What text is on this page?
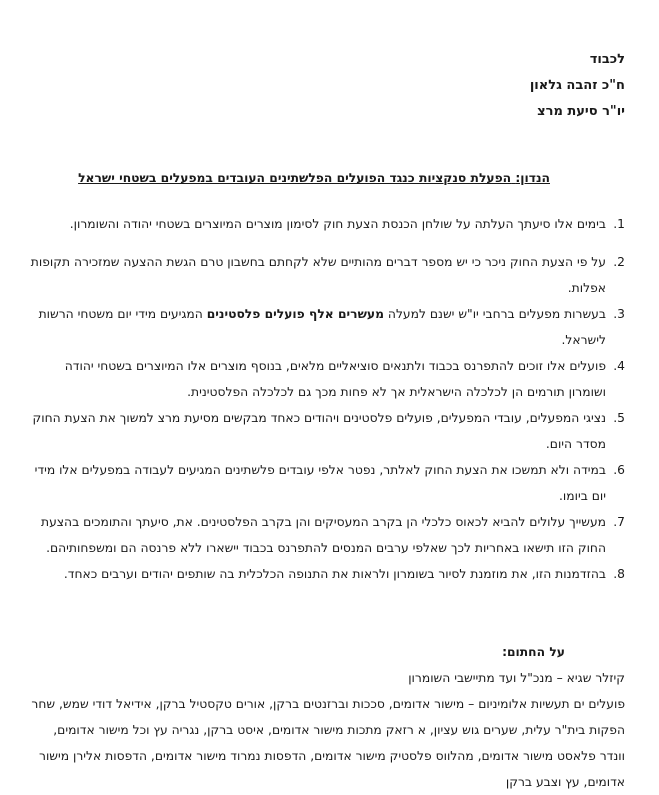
לכבוד
ח"כ זהבה גלאון
יו"ר סיעת מרצ
הנדון: הפעלת סנקציות כנגד הפועלים הפלשתינים העובדים במפעלים בשטחי ישראל
1.
בימים אלו סיעתך העלתה על שולחן הכנסת הצעת חוק לסימון מוצרים המיוצרים בשטחי יהודה והשומרון.
2.
על פי הצעת החוק ניכר כי יש מספר דברים מהותיים שלא לקחתם בחשבון טרם הגשת ההצעה שמזכירה תקופות אפלות.
3.
בעשרות מפעלים ברחבי יו"ש ישנם למעלה מעשרים אלף פועלים פלסטינים המגיעים מידי יום משטחי הרשות לישראל.
4.
פועלים אלו זוכים להתפרנס בכבוד ולתנאים סוציאליים מלאים, בנוסף מוצרים אלו המיוצרים בשטחי יהודה ושומרון תורמים הן לכלכלה הישראלית אך לא פחות מכך גם לכלכלה הפלסטינית.
5.
נציגי המפעלים, עובדי המפעלים, פועלים פלסטינים ויהודים כאחד מבקשים מסיעת מרצ למשוך את הצעת החוק מסדר היום.
6.
במידה ולא תמשכו את הצעת החוק לאלתר, נפטר אלפי עובדים פלשתינים המגיעים לעבודה במפעלים אלו מידי יום ביומו.
7.
מעשייך עלולים להביא לכאוס כלכלי הן בקרב המעסיקים והן בקרב הפלסטינים. את, סיעתך והתומכים בהצעת החוק הזו תישאו באחריות לכך שאלפי ערבים המנסים להתפרנס בכבוד יישארו ללא פרנסה הם ומשפחותיהם.
8.
בהזדמנות הזו, את מוזמנת לסיור בשומרון ולראות את התנופה הכלכלית בה שותפים יהודים וערבים כאחד.
על החתום:
קיזלר שגיא – מנכ"ל ועד מתיישבי השומרון
פועלים ים תעשיות אלומיניום – מישור אדומים, סככות וברזנטים ברקן, אורים טקסטיל ברקן, אידיאל דודי שמש, שחר הפקות בית"ר עלית, שערים גוש עציון, א רזאק מתכות מישור אדומים, איסט ברקן, נגריה עץ וכל מישור אדומים, וונדר פלאסט מישור אדומים, מהלווס פלסטיק מישור אדומים, הדפסות נמרוד מישור אדומים, הדפסות אלירן מישור אדומים, עץ וצבע ברקן
